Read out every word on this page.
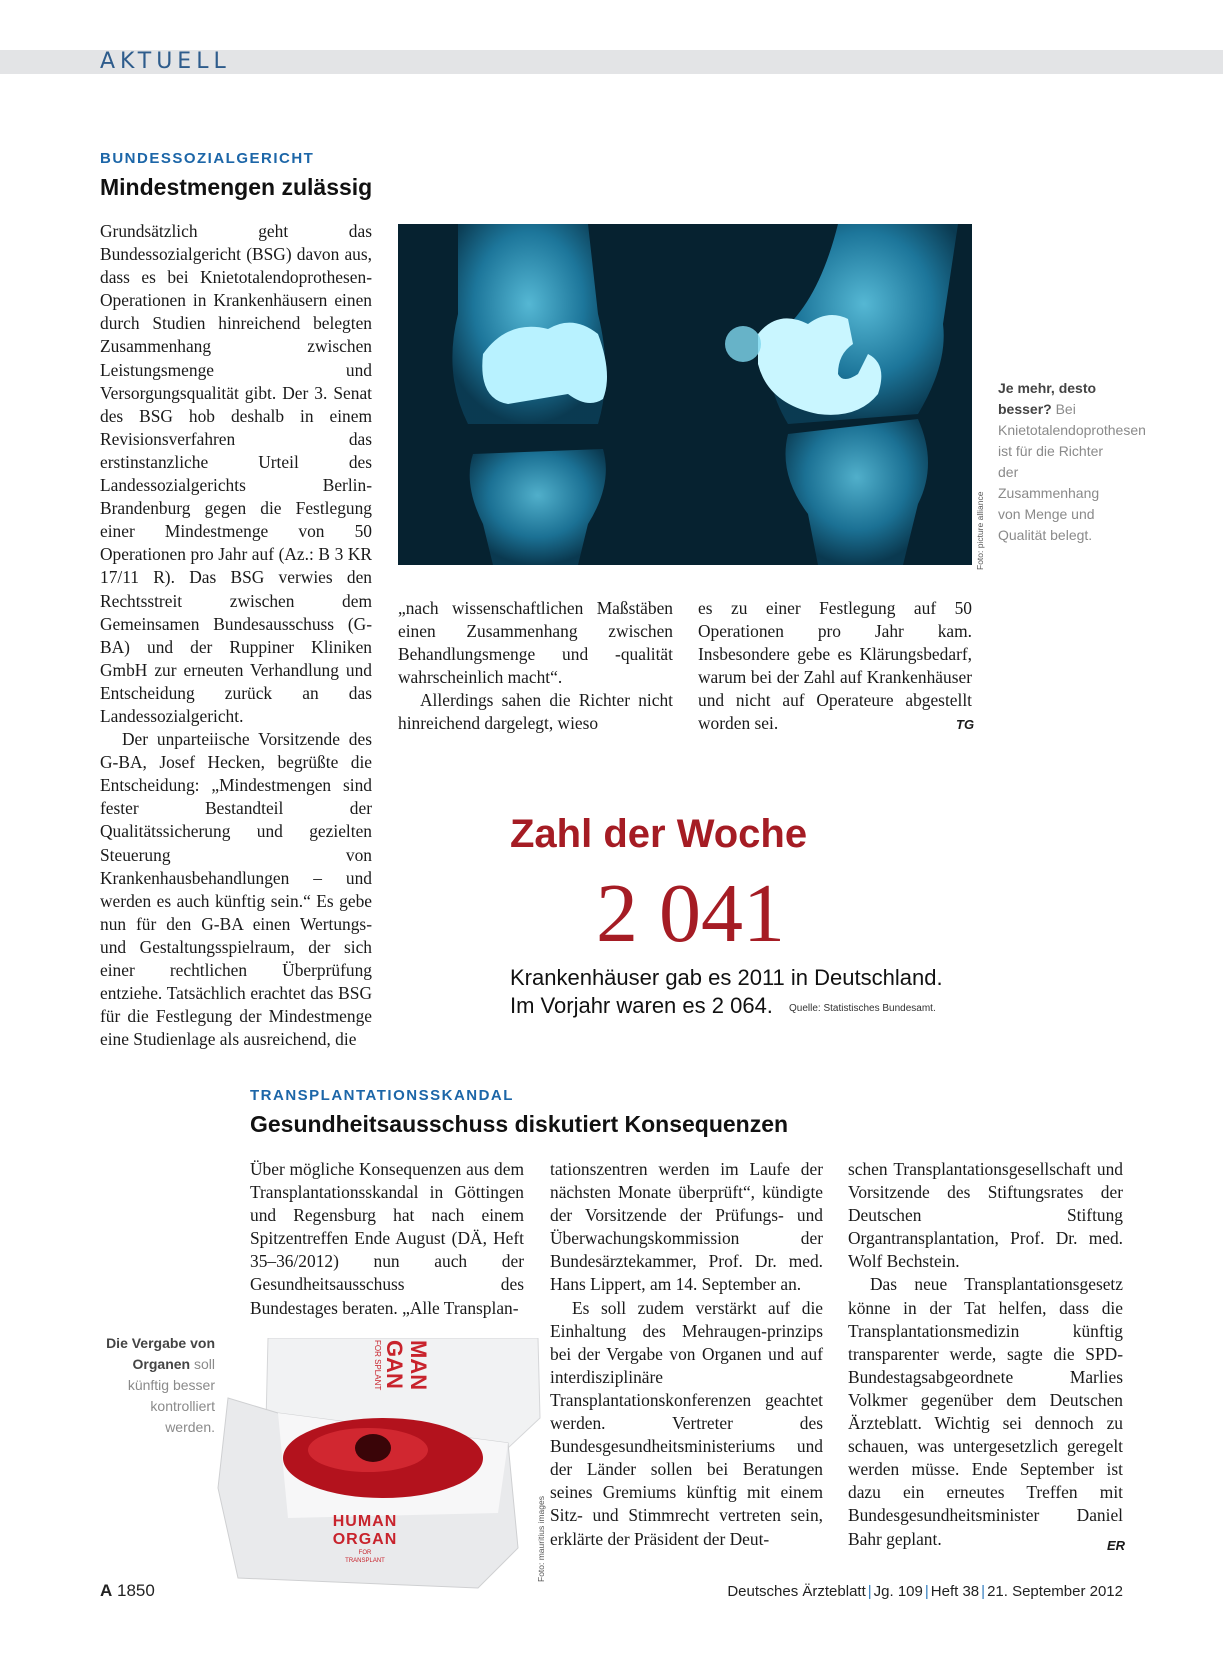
AKTUELL
BUNDESSOZIALGERICHT
Mindestmengen zulässig

Grundsätzlich geht das Bundessozialgericht (BSG) davon aus, dass es bei Knietotalendoprothesen-Operationen in Krankenhäusern einen durch Studien hinreichend belegten Zusammenhang zwischen Leistungsmenge und Versorgungsqualität gibt. Der 3. Senat des BSG hob deshalb in einem Revisionsverfahren das erstinstanzliche Urteil des Landessozialgerichts Berlin-Brandenburg gegen die Festlegung einer Mindestmenge von 50 Operationen pro Jahr auf (Az.: B 3 KR 17/11 R). Das BSG verwies den Rechtsstreit zwischen dem Gemeinsamen Bundesausschuss (G-BA) und der Ruppiner Kliniken GmbH zur erneuten Verhandlung und Entscheidung zurück an das Landessozialgericht.

Der unparteiische Vorsitzende des G-BA, Josef Hecken, begrüßte die Entscheidung: „Mindestmengen sind fester Bestandteil der Qualitätssicherung und gezielten Steuerung von Krankenhausbehandlungen – und werden es auch künftig sein.“ Es gebe nun für den G-BA einen Wertungs- und Gestaltungsspielraum, der sich einer rechtlichen Überprüfung entziehe. Tatsächlich erachtet das BSG für die Festlegung der Mindestmenge eine Studienlage als ausreichend, die

Foto: picture alliance
Je mehr, desto besser? Bei Knietotalendoprothesen ist für die Richter der Zusammenhang von Menge und Qualität belegt.

„nach wissenschaftlichen Maßstäben einen Zusammenhang zwischen Behandlungsmenge und -qualität wahrscheinlich macht“.

Allerdings sahen die Richter nicht hinreichend dargelegt, wieso

es zu einer Festlegung auf 50 Operationen pro Jahr kam. Insbesondere gebe es Klärungsbedarf, warum bei der Zahl auf Krankenhäuser und nicht auf Operateure abgestellt worden sei.	TG
Zahl der Woche
2 041
Krankenhäuser gab es 2011 in Deutschland.
Im Vorjahr waren es 2 064. Quelle: Statistisches Bundesamt.
TRANSPLANTATIONSSKANDAL
Gesundheitsausschuss diskutiert Konsequenzen

Über mögliche Konsequenzen aus dem Transplantationsskandal in Göttingen und Regensburg hat nach einem Spitzentreffen Ende August (DÄ, Heft 35–36/2012) nun auch der Gesundheitsausschuss des Bundestages beraten. „Alle Transplan-

tationszentren werden im Laufe der nächsten Monate überprüft“, kündigte der Vorsitzende der Prüfungs- und Überwachungskommission der Bundesärztekammer, Prof. Dr. med. Hans Lippert, am 14. September an.

Es soll zudem verstärkt auf die Einhaltung des Mehraugen-prinzips bei der Vergabe von Organen und auf interdisziplinäre Transplantationskonferenzen geachtet werden. Vertreter des Bundesgesundheitsministeriums und der Länder sollen bei Beratungen seines Gremiums künftig mit einem Sitz- und Stimmrecht vertreten sein, erklärte der Präsident der Deut-

schen Transplantationsgesellschaft und Vorsitzende des Stiftungsrates der Deutschen Stiftung Organtransplantation, Prof. Dr. med. Wolf Bechstein.

Das neue Transplantationsgesetz könne in der Tat helfen, dass die Transplantationsmedizin künftig transparenter werde, sagte die SPD-Bundestagsabgeordnete Marlies Volkmer gegenüber dem Deutschen Ärzteblatt. Wichtig sei dennoch zu schauen, was untergesetzlich geregelt werden müsse. Ende September ist dazu ein erneutes Treffen mit Bundesgesundheitsminister Daniel Bahr geplant.	ER
Die Vergabe von Organen soll künftig besser kontrolliert werden.
HUMAN
ORGAN
FOR
TRANSPLANT
MAN
GAN
FOR SPLANT
Foto: mauritius images
A 1850	Deutsches Ärzteblatt | Jg. 109 | Heft 38 | 21. September 2012
